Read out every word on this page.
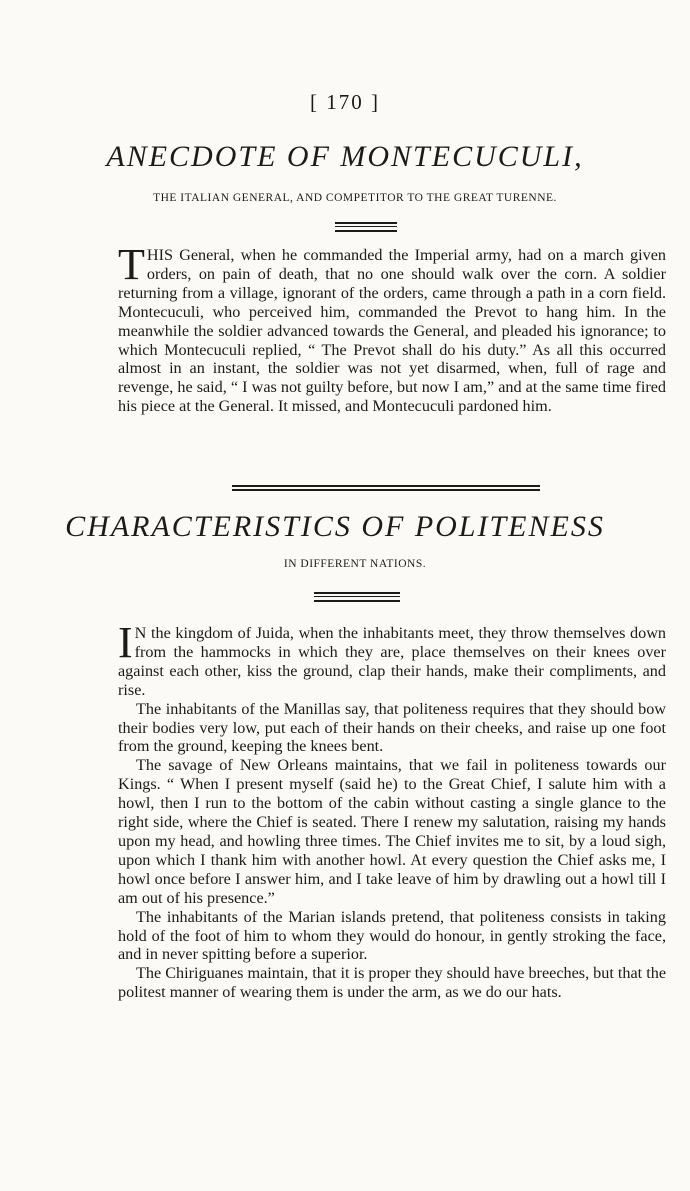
[ 170 ]
ANECDOTE OF MONTECUCULI,
THE ITALIAN GENERAL, AND COMPETITOR TO THE GREAT TURENNE.

T HIS General, when he commanded the Imperial army, had on a march given orders, on pain of death, that no one should walk over the corn. A soldier returning from a village, ignorant of the orders, came through a path in a corn field. Montecuculi, who perceived him, commanded the Prevot to hang him. In the meanwhile the soldier advanced towards the General, and pleaded his ignorance; to which Montecuculi replied, “ The Prevot shall do his duty.” As all this occurred almost in an instant, the soldier was not yet disarmed, when, full of rage and revenge, he said, “ I was not guilty before, but now I am,” and at the same time fired his piece at the General. It missed, and Montecuculi pardoned him.

CHARACTERISTICS OF POLITENESS
IN DIFFERENT NATIONS.

I N the kingdom of Juida, when the inhabitants meet, they throw themselves down from the hammocks in which they are, place themselves on their knees over against each other, kiss the ground, clap their hands, make their compliments, and rise.

The inhabitants of the Manillas say, that politeness requires that they should bow their bodies very low, put each of their hands on their cheeks, and raise up one foot from the ground, keeping the knees bent.

The savage of New Orleans maintains, that we fail in politeness towards our Kings. “ When I present myself (said he) to the Great Chief, I salute him with a howl, then I run to the bottom of the cabin without casting a single glance to the right side, where the Chief is seated. There I renew my salutation, raising my hands upon my head, and howling three times. The Chief invites me to sit, by a loud sigh, upon which I thank him with another howl. At every question the Chief asks me, I howl once before I answer him, and I take leave of him by drawling out a howl till I am out of his presence.”

The inhabitants of the Marian islands pretend, that politeness consists in taking hold of the foot of him to whom they would do honour, in gently stroking the face, and in never spitting before a superior.

The Chiriguanes maintain, that it is proper they should have breeches, but that the politest manner of wearing them is under the arm, as we do our hats.
